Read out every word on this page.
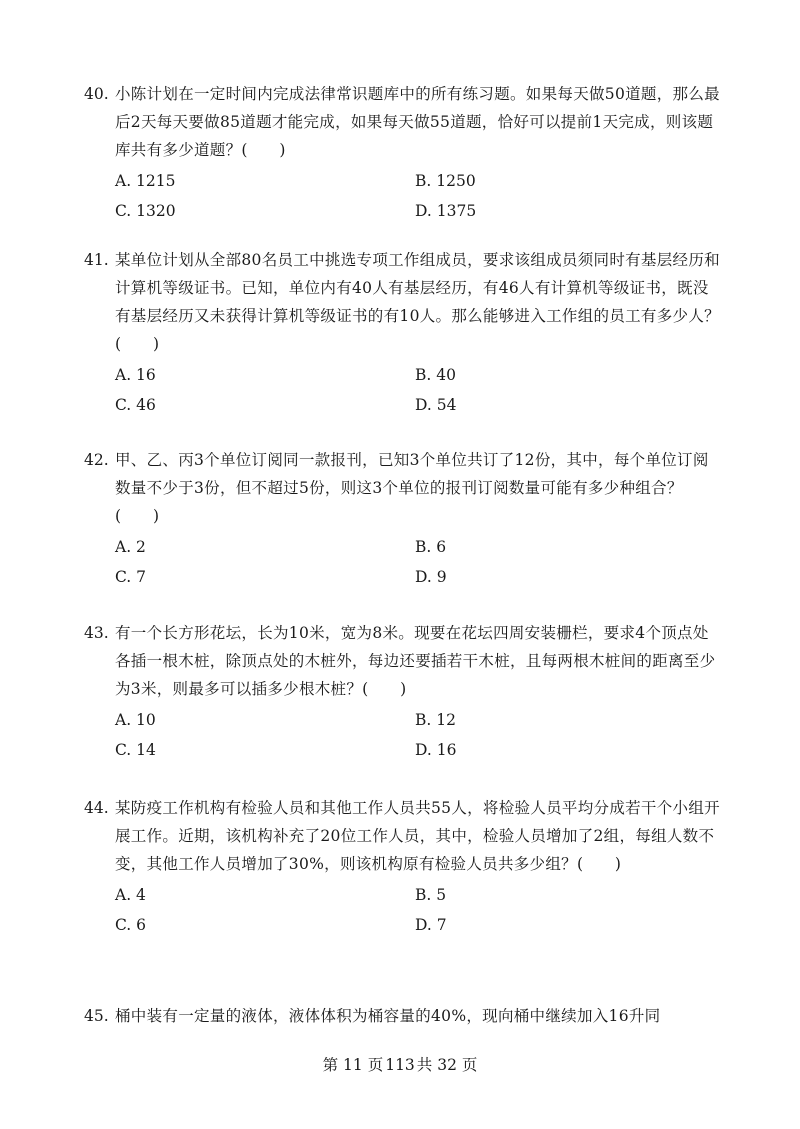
40. 小陈计划在一定时间内完成法律常识题库中的所有练习题。如果每天做50道题，那么最后2天每天要做85道题才能完成，如果每天做55道题，恰好可以提前1天完成，则该题库共有多少道题？(　　)
A. 1215	B. 1250
C. 1320	D. 1375
41. 某单位计划从全部80名员工中挑选专项工作组成员，要求该组成员须同时有基层经历和计算机等级证书。已知，单位内有40人有基层经历，有46人有计算机等级证书，既没有基层经历又未获得计算机等级证书的有10人。那么能够进入工作组的员工有多少人？(　　)
A. 16	B. 40
C. 46	D. 54
42. 甲、乙、丙3个单位订阅同一款报刊，已知3个单位共订了12份，其中，每个单位订阅数量不少于3份，但不超过5份，则这3个单位的报刊订阅数量可能有多少种组合？(　　)
A. 2	B. 6
C. 7	D. 9
43. 有一个长方形花坛，长为10米，宽为8米。现要在花坛四周安装栅栏，要求4个顶点处各插一根木桩，除顶点处的木桩外，每边还要插若干木桩，且每两根木桩间的距离至少为3米，则最多可以插多少根木桩？(　　)
A. 10	B. 12
C. 14	D. 16
44. 某防疫工作机构有检验人员和其他工作人员共55人，将检验人员平均分成若干个小组开展工作。近期，该机构补充了20位工作人员，其中，检验人员增加了2组，每组人数不变，其他工作人员增加了30%，则该机构原有检验人员共多少组？(　　)
A. 4	B. 5
C. 6	D. 7
45. 桶中装有一定量的液体，液体体积为桶容量的40%，现向桶中继续加入16升同
第 11 页 113 共 32 页
